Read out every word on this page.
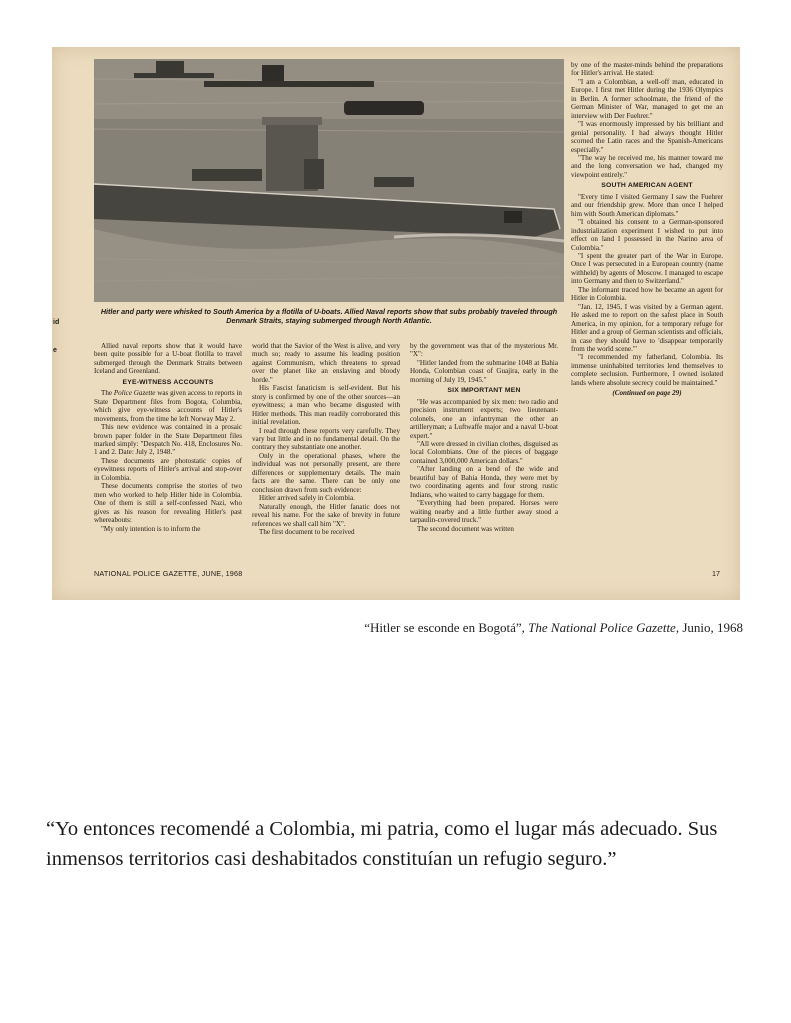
Hitler and party were whisked to South America by a flotilla of U-boats. Allied Naval reports show that subs probably traveled through Denmark Straits, staying submerged through North Atlantic.
id
e

Allied naval reports show that it would have been quite possible for a U-boat flotilla to travel submerged through the Denmark Straits between Iceland and Greenland.

EYE-WITNESS ACCOUNTS

The Police Gazette was given access to reports in State Department files from Bogota, Columbia, which give eye-witness accounts of Hitler's movements, from the time he left Norway May 2.

This new evidence was contained in a prosaic brown paper folder in the State Department files marked simply: "Despatch No. 418, Enclosures No. 1 and 2. Date: July 2, 1948."

These documents are photostatic copies of eyewitness reports of Hitler's arrival and stop-over in Colombia.

These documents comprise the stories of two men who worked to help Hitler hide in Colombia. One of them is still a self-confessed Nazi, who gives as his reason for revealing Hitler's past whereabouts:

"My only intention is to inform the

world that the Savior of the West is alive, and very much so; ready to assume his leading position against Communism, which threatens to spread over the planet like an enslaving and bloody horde."

His Fascist fanaticism is self-evident. But his story is confirmed by one of the other sources—an eyewitness; a man who became disgusted with Hitler methods. This man readily corroborated this initial revelation.

I read through these reports very carefully. They vary but little and in no fundamental detail. On the contrary they substantiate one another.

Only in the operational phases, where the individual was not personally present, are there differences or supplementary details. The main facts are the same. There can be only one conclusion drawn from such evidence:

Hitler arrived safely in Colombia.

Naturally enough, the Hitler fanatic does not reveal his name. For the sake of brevity in future references we shall call him "X".

The first document to be received

by the government was that of the mysterious Mr. "X":

"Hitler landed from the submarine 1048 at Bahia Honda, Colombian coast of Guajira, early in the morning of July 19, 1945."

SIX IMPORTANT MEN

"He was accompanied by six men: two radio and precision instrument experts; two lieutenant-colonels, one an infantryman the other an artilleryman; a Luftwaffe major and a naval U-boat expert."

"All were dressed in civilian clothes, disguised as local Colombians. One of the pieces of baggage contained 3,000,000 American dollars."

"After landing on a bend of the wide and beautiful bay of Bahia Honda, they were met by two coordinating agents and four strong rustic Indians, who waited to carry baggage for them.

"Everything had been prepared. Horses were waiting nearby and a little further away stood a tarpaulin-covered truck."

The second document was written

by one of the master-minds behind the preparations for Hitler's arrival. He stated:

"I am a Colombian, a well-off man, educated in Europe. I first met Hitler during the 1936 Olympics in Berlin. A former schoolmate, the friend of the German Minister of War, managed to get me an interview with Der Fuehrer."

"I was enormously impressed by his brilliant and genial personality. I had always thought Hitler scorned the Latin races and the Spanish-Americans especially."

"The way he received me, his manner toward me and the long conversation we had, changed my viewpoint entirely."

SOUTH AMERICAN AGENT

"Every time I visited Germany I saw the Fuehrer and our friendship grew. More than once I helped him with South American diplomats."

"I obtained his consent to a German-sponsored industrialization experiment I wished to put into effect on land I possessed in the Narino area of Colombia."

"I spent the greater part of the War in Europe. Once I was persecuted in a European country (name withheld) by agents of Moscow. I managed to escape into Germany and then to Switzerland."

The informant traced how he became an agent for Hitler in Colombia.

"Jan. 12, 1945, I was visited by a German agent. He asked me to report on the safest place in South America, in my opinion, for a temporary refuge for Hitler and a group of German scientists and officials, in case they should have to 'disappear temporarily from the world scene.'"

"I recommended my fatherland, Colombia. Its immense uninhabited territories lend themselves to complete seclusion. Furthermore, I owned isolated lands where absolute secrecy could be maintained."

(Continued on page 29)
NATIONAL POLICE GAZETTE, JUNE, 1968	17
“Hitler se esconde en Bogotá”, The National Police Gazette, Junio, 1968
“Yo entonces recomendé a Colombia, mi patria, como el lugar más adecuado. Sus inmensos territorios casi deshabitados constituían un refugio seguro.”
